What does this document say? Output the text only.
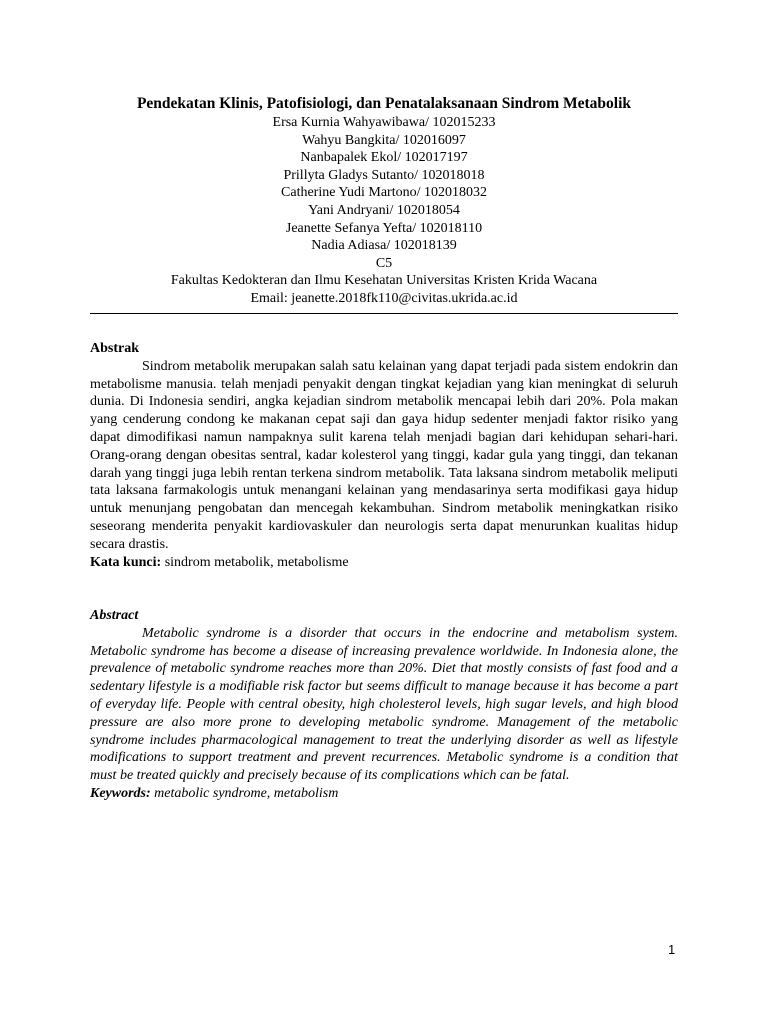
Pendekatan Klinis, Patofisiologi, dan Penatalaksanaan Sindrom Metabolik
Ersa Kurnia Wahyawibawa/ 102015233
Wahyu Bangkita/ 102016097
Nanbapalek Ekol/ 102017197
Prillyta Gladys Sutanto/ 102018018
Catherine Yudi Martono/ 102018032
Yani Andryani/ 102018054
Jeanette Sefanya Yefta/ 102018110
Nadia Adiasa/ 102018139
C5
Fakultas Kedokteran dan Ilmu Kesehatan Universitas Kristen Krida Wacana
Email: jeanette.2018fk110@civitas.ukrida.ac.id
Abstrak
Sindrom metabolik merupakan salah satu kelainan yang dapat terjadi pada sistem endokrin dan metabolisme manusia. telah menjadi penyakit dengan tingkat kejadian yang kian meningkat di seluruh dunia. Di Indonesia sendiri, angka kejadian sindrom metabolik mencapai lebih dari 20%. Pola makan yang cenderung condong ke makanan cepat saji dan gaya hidup sedenter menjadi faktor risiko yang dapat dimodifikasi namun nampaknya sulit karena telah menjadi bagian dari kehidupan sehari-hari. Orang-orang dengan obesitas sentral, kadar kolesterol yang tinggi, kadar gula yang tinggi, dan tekanan darah yang tinggi juga lebih rentan terkena sindrom metabolik. Tata laksana sindrom metabolik meliputi tata laksana farmakologis untuk menangani kelainan yang mendasarinya serta modifikasi gaya hidup untuk menunjang pengobatan dan mencegah kekambuhan. Sindrom metabolik meningkatkan risiko seseorang menderita penyakit kardiovaskuler dan neurologis serta dapat menurunkan kualitas hidup secara drastis.
Kata kunci: sindrom metabolik, metabolisme
Abstract
Metabolic syndrome is a disorder that occurs in the endocrine and metabolism system. Metabolic syndrome has become a disease of increasing prevalence worldwide. In Indonesia alone, the prevalence of metabolic syndrome reaches more than 20%. Diet that mostly consists of fast food and a sedentary lifestyle is a modifiable risk factor but seems difficult to manage because it has become a part of everyday life. People with central obesity, high cholesterol levels, high sugar levels, and high blood pressure are also more prone to developing metabolic syndrome. Management of the metabolic syndrome includes pharmacological management to treat the underlying disorder as well as lifestyle modifications to support treatment and prevent recurrences. Metabolic syndrome is a condition that must be treated quickly and precisely because of its complications which can be fatal.
Keywords: metabolic syndrome, metabolism
1
